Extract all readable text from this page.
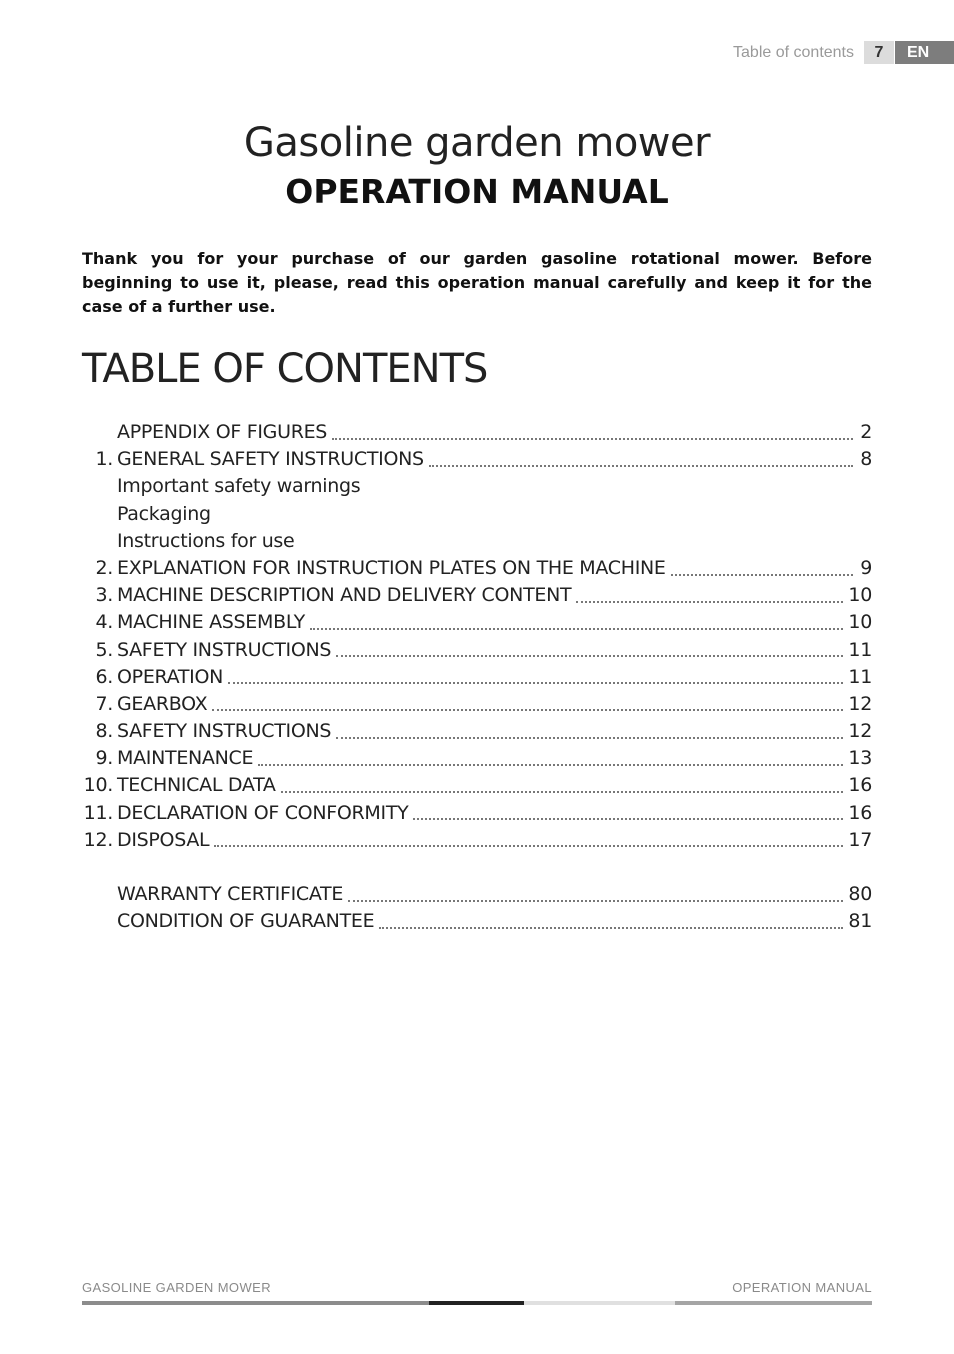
Table of contents	7	EN
Gasoline garden mower
OPERATION MANUAL

Thank you for your purchase of our garden gasoline rotational mower. Before beginning to use it, please, read this operation manual carefully and keep it for the case of a further use.

TABLE OF CONTENTS
APPENDIX OF FIGURES	2
1. GENERAL SAFETY INSTRUCTIONS	8
Important safety warnings
Packaging
Instructions for use
2. EXPLANATION FOR INSTRUCTION PLATES ON THE MACHINE	9
3. MACHINE DESCRIPTION AND DELIVERY CONTENT	10
4. MACHINE ASSEMBLY	10
5. SAFETY INSTRUCTIONS	11
6. OPERATION	11
7. GEARBOX	12
8. SAFETY INSTRUCTIONS	12
9. MAINTENANCE	13
10. TECHNICAL DATA	16
11. DECLARATION OF CONFORMITY	16
12. DISPOSAL	17
WARRANTY CERTIFICATE	80
CONDITION OF GUARANTEE	81
GASOLINE GARDEN MOWER	OPERATION MANUAL
